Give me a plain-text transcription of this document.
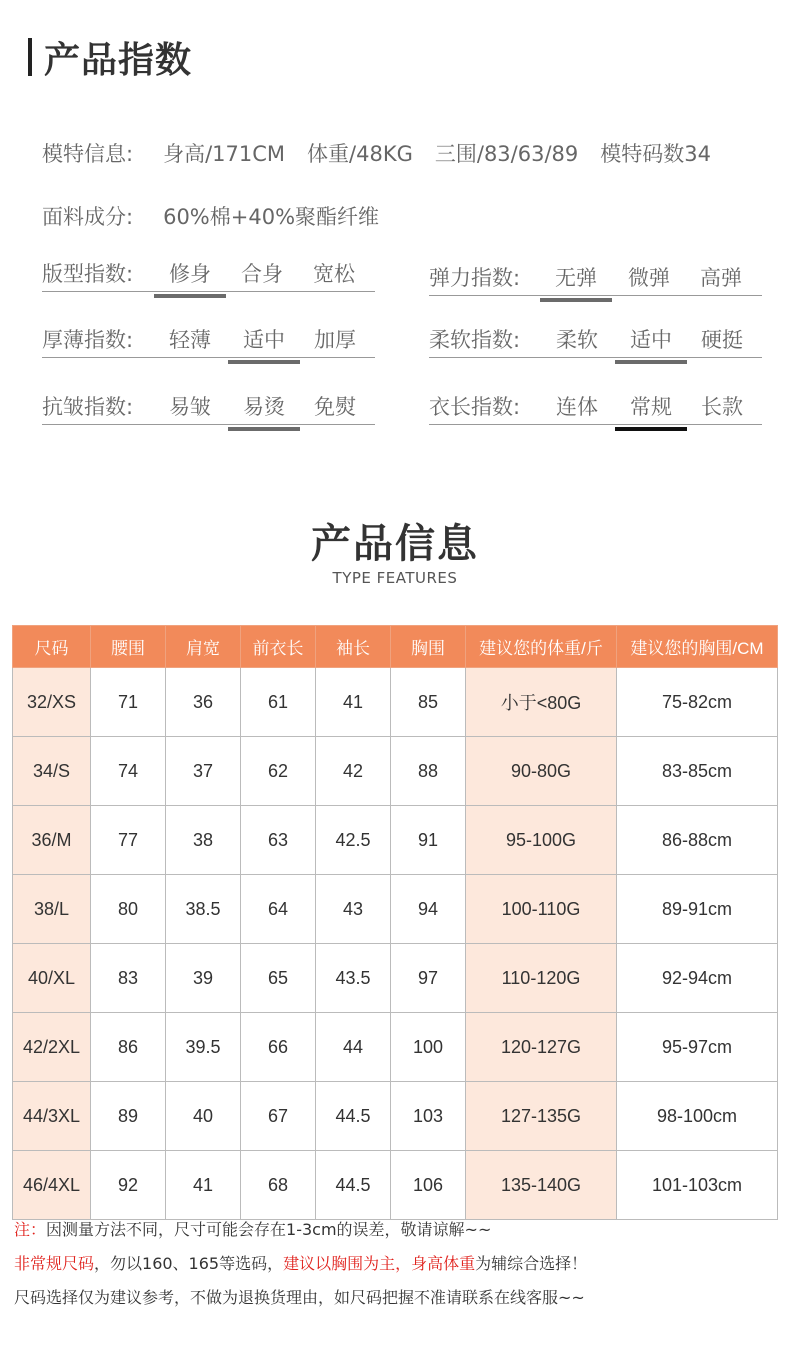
产品指数
模特信息: 身高/171CM 体重/48KG 三围/83/63/89 模特码数34
面料成分: 60%棉+40%聚酯纤维
版型指数:	修身	合身	宽松	弹力指数:	无弹	微弹	高弹
厚薄指数:	轻薄	适中	加厚	柔软指数:	柔软	适中	硬挺
抗皱指数:	易皱	易烫	免熨	衣长指数:	连体	常规	长款
产品信息
TYPE FEATURES
尺码	腰围	肩宽	前衣长	袖长	胸围	建议您的体重/斤	建议您的胸围/CM
32/XS	71	36	61	41	85	小于<80G	75-82cm
34/S	74	37	62	42	88	90-80G	83-85cm
36/M	77	38	63	42.5	91	95-100G	86-88cm
38/L	80	38.5	64	43	94	100-110G	89-91cm
40/XL	83	39	65	43.5	97	110-120G	92-94cm
42/2XL	86	39.5	66	44	100	120-127G	95-97cm
44/3XL	89	40	67	44.5	103	127-135G	98-100cm
46/4XL	92	41	68	44.5	106	135-140G	101-103cm
注：因测量方法不同，尺寸可能会存在1-3cm的误差，敬请谅解~~
非常规尺码，勿以160、165等选码，建议以胸围为主，身高体重为辅综合选择！
尺码选择仅为建议参考，不做为退换货理由，如尺码把握不准请联系在线客服~~
